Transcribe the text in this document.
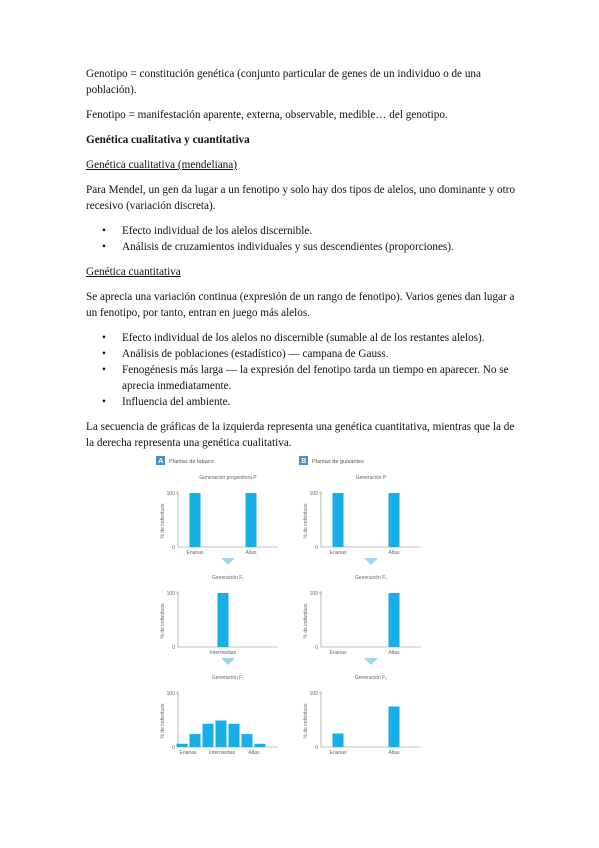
Genotipo = constitución genética (conjunto particular de genes de un individuo o de una población).

Fenotipo = manifestación aparente, externa, observable, medible… del genotipo.

Genética cualitativa y cuantitativa

Genética cualitativa (mendeliana)

Para Mendel, un gen da lugar a un fenotipo y solo hay dos tipos de alelos, uno dominante y otro recesivo (variación discreta).

• Efecto individual de los alelos discernible.
• Análisis de cruzamientos individuales y sus descendientes (proporciones).

Genética cuantitativa

Se aprecia una variación continua (expresión de un rango de fenotipo). Varios genes dan lugar a un fenotipo, por tanto, entran en juego más alelos.

• Efecto individual de los alelos no discernible (sumable al de los restantes alelos).
• Análisis de poblaciones (estadístico) — campana de Gauss.
• Fenogénesis más larga — la expresión del fenotipo tarda un tiempo en aparecer. No se aprecia inmediatamente.
• Influencia del ambiente.

La secuencia de gráficas de la izquierda representa una genética cuantitativa, mientras que la de la derecha representa una genética cualitativa.

A Plantas de tabaco	B Plantas de guisantes
Generación progenitora P
% de individuos
100
0
Enanas	Altas
Generación F₁
% de individuos
100
0
Intermedias
Generación F₂
% de individuos
100
0
Enanas Intermedias	Altas
Generación P
% de individuos
100
0
Enanas	Altas
Generación F₁
% de individuos
100
0
Enanas	Altas
Generación F₂
% de individuos
100
0
Enanas	Altas
